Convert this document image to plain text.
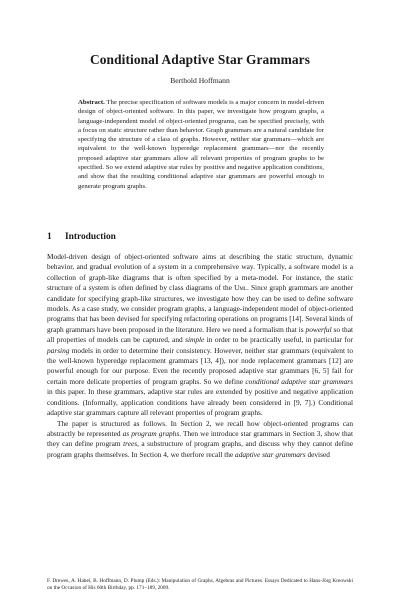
Conditional Adaptive Star Grammars
Berthold Hoffmann
Abstract. The precise specification of software models is a major concern in model-driven design of object-oriented software. In this paper, we investigate how program graphs, a language-independent model of object-oriented programs, can be specified precisely, with a focus on static structure rather than behavior. Graph grammars are a natural candidate for specifying the structure of a class of graphs. However, neither star grammars—which are equivalent to the well-known hyperedge replacement grammars—nor the recently proposed adaptive star grammars allow all relevant properties of program graphs to be specified. So we extend adaptive star rules by positive and negative application conditions, and show that the resulting conditional adaptive star grammars are powerful enough to generate program graphs.
1 Introduction

Model-driven design of object-oriented software aims at describing the static structure, dynamic behavior, and gradual evolution of a system in a comprehensive way. Typically, a software model is a collection of graph-like diagrams that is often specified by a meta-model. For instance, the static structure of a system is often defined by class diagrams of the Uml. Since graph grammars are another candidate for specifying graph-like structures, we investigate how they can be used to define software models. As a case study, we consider program graphs, a language-independent model of object-oriented programs that has been devised for specifying refactoring operations on programs [14]. Several kinds of graph grammars have been proposed in the literature. Here we need a formalism that is powerful so that all properties of models can be captured, and simple in order to be practically useful, in particular for parsing models in order to determine their consistency. However, neither star grammars (equivalent to the well-known hyperedge replacement grammars [13, 4]), nor node replacement grammars [12] are powerful enough for our purpose. Even the recently proposed adaptive star grammars [6, 5] fail for certain more delicate properties of program graphs. So we define conditional adaptive star grammars in this paper. In these grammars, adaptive star rules are extended by positive and negative application conditions. (Informally, application conditions have already been considered in [9, 7].) Conditional adaptive star grammars capture all relevant properties of program graphs.

The paper is structured as follows. In Section 2, we recall how object-oriented programs can abstractly be represented as program graphs. Then we introduce star grammars in Section 3, show that they can define program trees, a substructure of program graphs, and discuss why they cannot define program graphs themselves. In Section 4, we therfore recall the adaptive star grammars devised

F. Drewes, A. Habel, B. Hoffmann, D. Plump (Eds.): Manipulation of Graphs, Algebras and Pictures. Essays Dedicated to Hans-Jörg Kreowski on the Occasion of His 60th Birthday, pp. 171–189, 2009.
